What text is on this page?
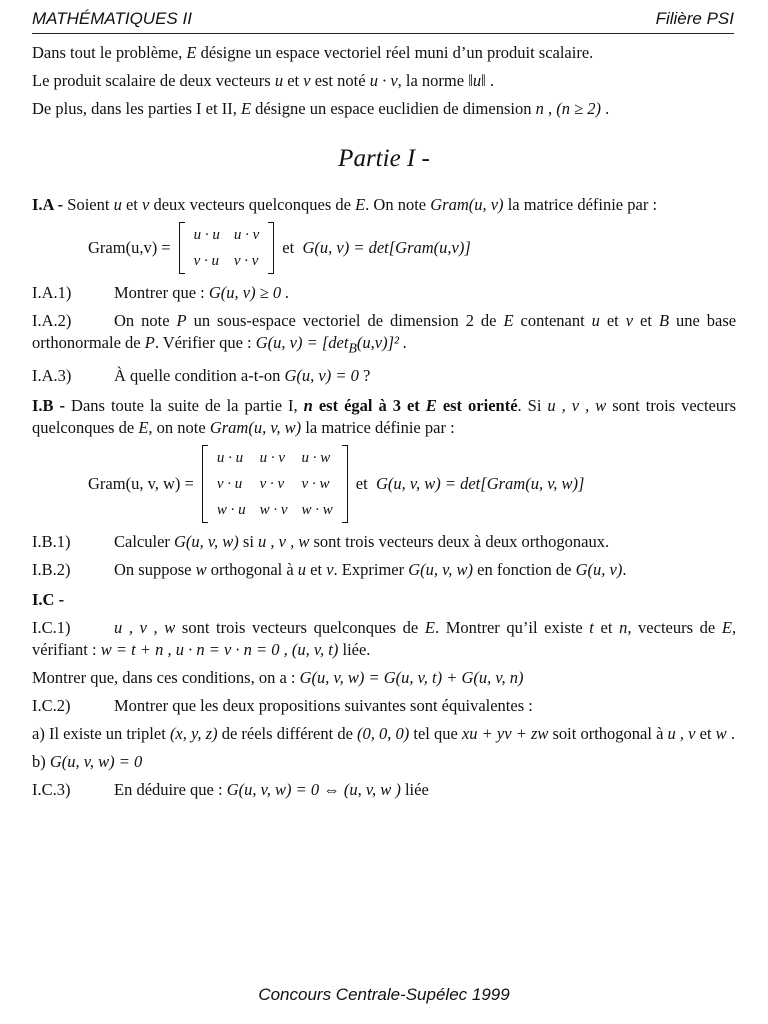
MATHÉMATIQUES II	Filière PSI

Dans tout le problème, E désigne un espace vectoriel réel muni d’un produit scalaire.

Le produit scalaire de deux vecteurs u et v est noté u · v, la norme ‖u‖ .

De plus, dans les parties I et II, E désigne un espace euclidien de dimension n , (n ≥ 2) .

Partie I -

I.A - Soient u et v deux vecteurs quelconques de E. On note Gram(u, v) la matrice définie par :

Gram(u,v) =
u · u	u · v
v · u	v · v
et
G(u, v) = det[Gram(u,v)]

I.A.1)	Montrer que : G(u, v) ≥ 0 .

I.A.2)	On note P un sous-espace vectoriel de dimension 2 de E contenant u et v et B une base orthonormale de P. Vérifier que : G(u, $v) = [\det_B(u,v)]^2$ .

I.A.3)	À quelle condition a-t-on G(u, v) = 0 ?

I.B - Dans toute la suite de la partie I, n est égal à 3 et E est orienté. Si u , v , w sont trois vecteurs quelconques de E, on note Gram(u, v, w) la matrice définie par :

Gram(u, v, w) =
u · u	u · v	u · w
v · u	v · v	v · w
w · u	w · v	w · w
et
G(u, v, w) = det[Gram(u, v, w)]

I.B.1)	Calculer G(u, v, w) si u , v , w sont trois vecteurs deux à deux orthogonaux.

I.B.2)	On suppose w orthogonal à u et v. Exprimer G(u, v, w) en fonction de G(u, v).

I.C -

I.C.1)	u , v , w sont trois vecteurs quelconques de E. Montrer qu’il existe t et n, vecteurs de E, vérifiant : w = t + n , u · n = v · n = 0 , (u, v, t) liée.

Montrer que, dans ces conditions, on a : G(u, v, w) = G(u, v, t) + G(u, v, n)

I.C.2)	Montrer que les deux propositions suivantes sont équivalentes :

a) Il existe un triplet (x, y, z) de réels différent de (0, 0, 0) tel que xu + yv + zw soit orthogonal à u , v et w .

b) G(u, v, w) = 0

I.C.3)	En déduire que : G(u, v, w) = 0 ⇔ (u, v, w ) liée

Concours Centrale-Supélec 1999
